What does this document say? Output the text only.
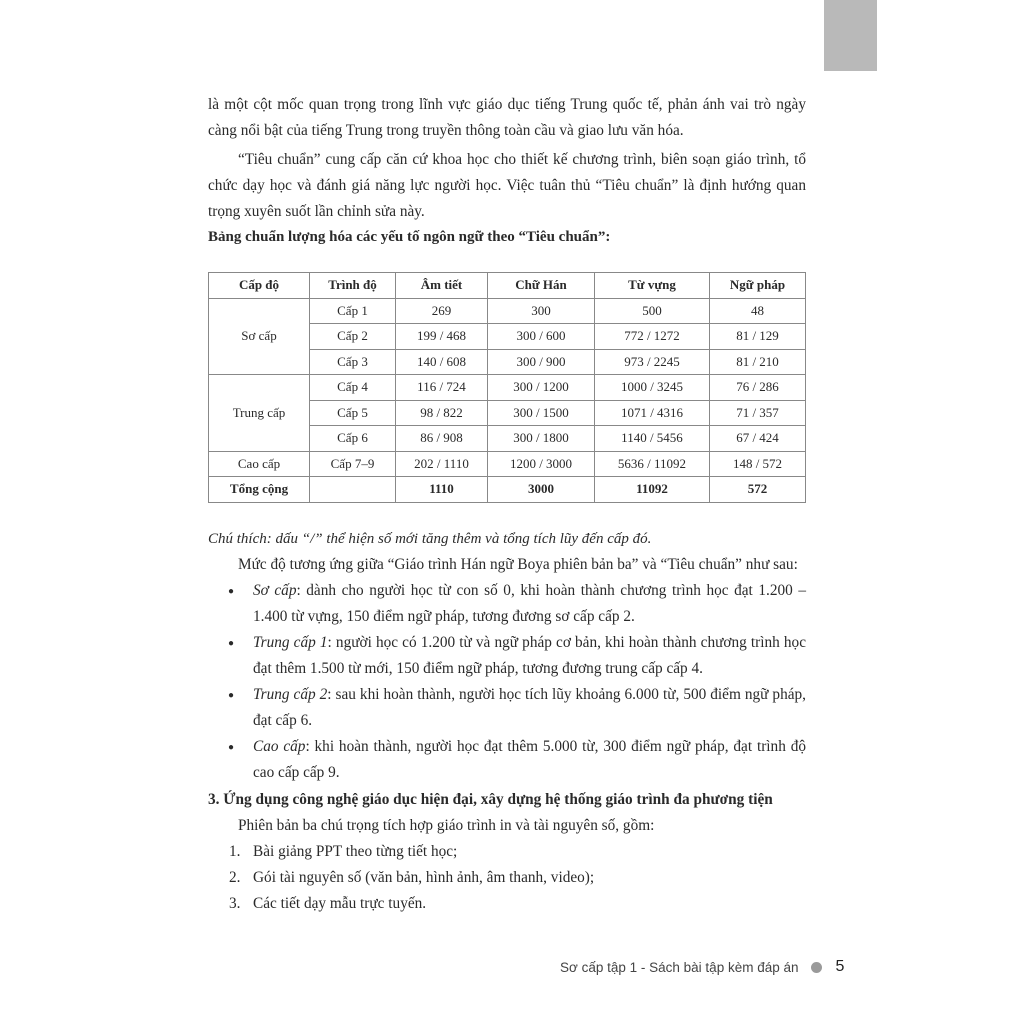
là một cột mốc quan trọng trong lĩnh vực giáo dục tiếng Trung quốc tế, phản ánh vai trò ngày càng nổi bật của tiếng Trung trong truyền thông toàn cầu và giao lưu văn hóa.

“Tiêu chuẩn” cung cấp căn cứ khoa học cho thiết kế chương trình, biên soạn giáo trình, tổ chức dạy học và đánh giá năng lực người học. Việc tuân thủ “Tiêu chuẩn” là định hướng quan trọng xuyên suốt lần chỉnh sửa này.

Bảng chuẩn lượng hóa các yếu tố ngôn ngữ theo “Tiêu chuẩn”:
Cấp độ	Trình độ	Âm tiết	Chữ Hán	Từ vựng	Ngữ pháp
Sơ cấp	Cấp 1	269	300	500	48
	Cấp 2	199 / 468	300 / 600	772 / 1272	81 / 129
	Cấp 3	140 / 608	300 / 900	973 / 2245	81 / 210
Trung cấp	Cấp 4	116 / 724	300 / 1200	1000 / 3245	76 / 286
	Cấp 5	98 / 822	300 / 1500	1071 / 4316	71 / 357
	Cấp 6	86 / 908	300 / 1800	1140 / 5456	67 / 424
Cao cấp	Cấp 7–9	202 / 1110	1200 / 3000	5636 / 11092	148 / 572
Tổng cộng		1110	3000	11092	572
Chú thích: dấu “/” thể hiện số mới tăng thêm và tổng tích lũy đến cấp đó.

Mức độ tương ứng giữa “Giáo trình Hán ngữ Boya phiên bản ba” và “Tiêu chuẩn” như sau:

● Sơ cấp: dành cho người học từ con số 0, khi hoàn thành chương trình học đạt 1.200 – 1.400 từ vựng, 150 điểm ngữ pháp, tương đương sơ cấp cấp 2.

● Trung cấp 1: người học có 1.200 từ và ngữ pháp cơ bản, khi hoàn thành chương trình học đạt thêm 1.500 từ mới, 150 điểm ngữ pháp, tương đương trung cấp cấp 4.

● Trung cấp 2: sau khi hoàn thành, người học tích lũy khoảng 6.000 từ, 500 điểm ngữ pháp, đạt cấp 6.

● Cao cấp: khi hoàn thành, người học đạt thêm 5.000 từ, 300 điểm ngữ pháp, đạt trình độ cao cấp cấp 9.

3. Ứng dụng công nghệ giáo dục hiện đại, xây dựng hệ thống giáo trình đa phương tiện

Phiên bản ba chú trọng tích hợp giáo trình in và tài nguyên số, gồm:

1. Bài giảng PPT theo từng tiết học;
2. Gói tài nguyên số (văn bản, hình ảnh, âm thanh, video);
3. Các tiết dạy mẫu trực tuyến.
Sơ cấp tập 1 - Sách bài tập kèm đáp án 5
